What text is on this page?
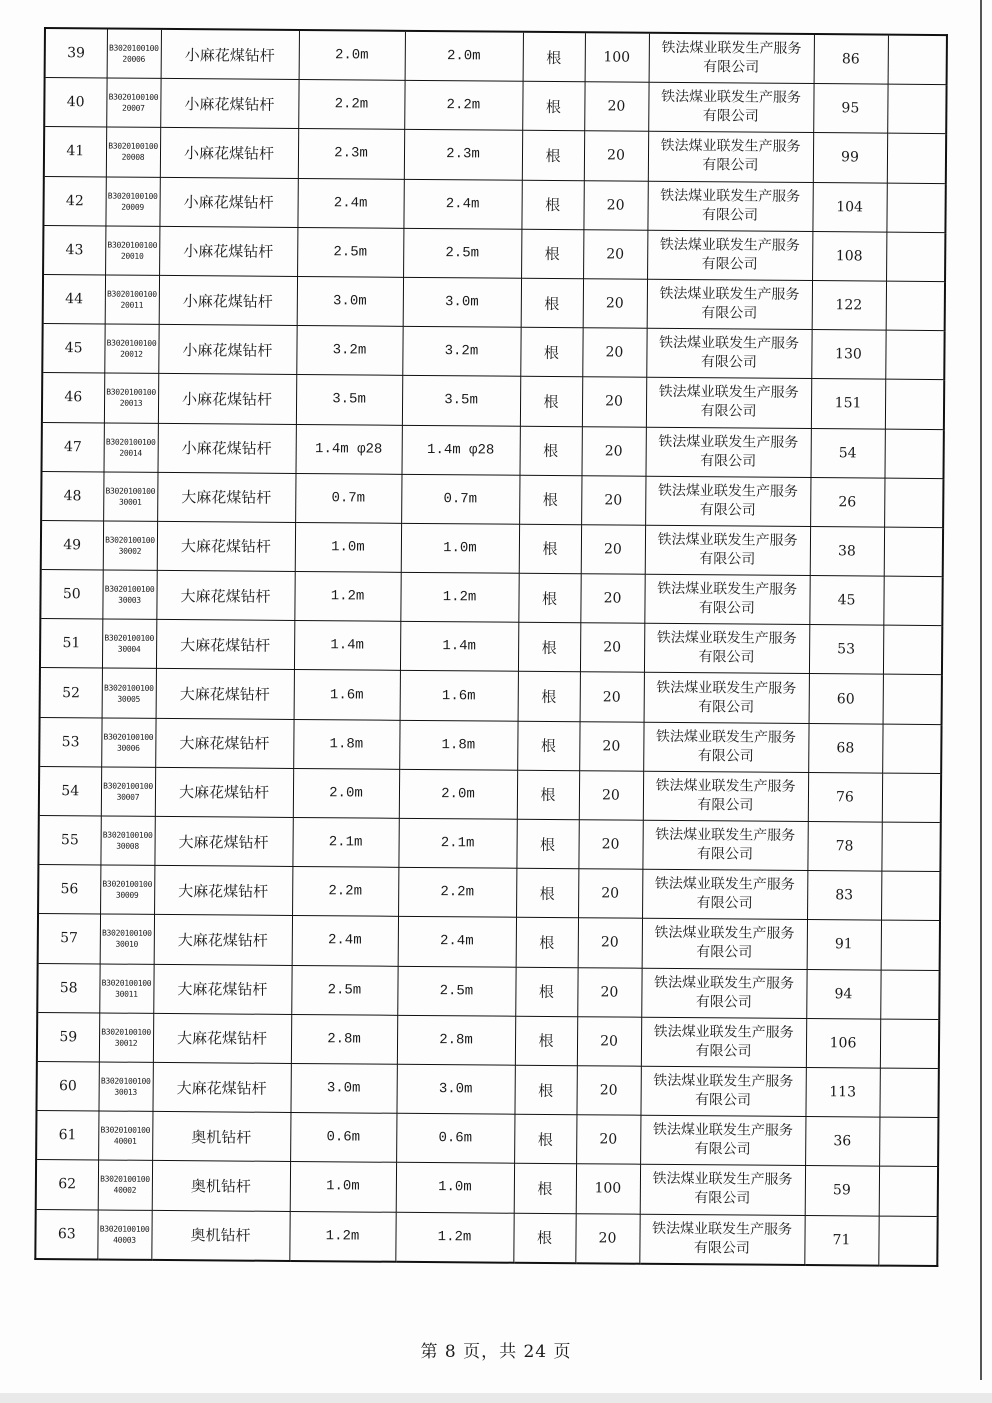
39	B302010010020006	小麻花煤钻杆	2.0m	2.0m	根	100	铁法煤业联发生产服务有限公司	86	
40	B302010010020007	小麻花煤钻杆	2.2m	2.2m	根	20	铁法煤业联发生产服务有限公司	95	
41	B302010010020008	小麻花煤钻杆	2.3m	2.3m	根	20	铁法煤业联发生产服务有限公司	99	
42	B302010010020009	小麻花煤钻杆	2.4m	2.4m	根	20	铁法煤业联发生产服务有限公司	104	
43	B302010010020010	小麻花煤钻杆	2.5m	2.5m	根	20	铁法煤业联发生产服务有限公司	108	
44	B302010010020011	小麻花煤钻杆	3.0m	3.0m	根	20	铁法煤业联发生产服务有限公司	122	
45	B302010010020012	小麻花煤钻杆	3.2m	3.2m	根	20	铁法煤业联发生产服务有限公司	130	
46	B302010010020013	小麻花煤钻杆	3.5m	3.5m	根	20	铁法煤业联发生产服务有限公司	151	
47	B302010010020014	小麻花煤钻杆	1.4m φ28	1.4m φ28	根	20	铁法煤业联发生产服务有限公司	54	
48	B302010010030001	大麻花煤钻杆	0.7m	0.7m	根	20	铁法煤业联发生产服务有限公司	26	
49	B302010010030002	大麻花煤钻杆	1.0m	1.0m	根	20	铁法煤业联发生产服务有限公司	38	
50	B302010010030003	大麻花煤钻杆	1.2m	1.2m	根	20	铁法煤业联发生产服务有限公司	45	
51	B302010010030004	大麻花煤钻杆	1.4m	1.4m	根	20	铁法煤业联发生产服务有限公司	53	
52	B302010010030005	大麻花煤钻杆	1.6m	1.6m	根	20	铁法煤业联发生产服务有限公司	60	
53	B302010010030006	大麻花煤钻杆	1.8m	1.8m	根	20	铁法煤业联发生产服务有限公司	68	
54	B302010010030007	大麻花煤钻杆	2.0m	2.0m	根	20	铁法煤业联发生产服务有限公司	76	
55	B302010010030008	大麻花煤钻杆	2.1m	2.1m	根	20	铁法煤业联发生产服务有限公司	78	
56	B302010010030009	大麻花煤钻杆	2.2m	2.2m	根	20	铁法煤业联发生产服务有限公司	83	
57	B302010010030010	大麻花煤钻杆	2.4m	2.4m	根	20	铁法煤业联发生产服务有限公司	91	
58	B302010010030011	大麻花煤钻杆	2.5m	2.5m	根	20	铁法煤业联发生产服务有限公司	94	
59	B302010010030012	大麻花煤钻杆	2.8m	2.8m	根	20	铁法煤业联发生产服务有限公司	106	
60	B302010010030013	大麻花煤钻杆	3.0m	3.0m	根	20	铁法煤业联发生产服务有限公司	113	
61	B302010010040001	奥机钻杆	0.6m	0.6m	根	20	铁法煤业联发生产服务有限公司	36	
62	B302010010040002	奥机钻杆	1.0m	1.0m	根	100	铁法煤业联发生产服务有限公司	59	
63	B302010010040003	奥机钻杆	1.2m	1.2m	根	20	铁法煤业联发生产服务有限公司	71	
第 8 页，共 24 页
